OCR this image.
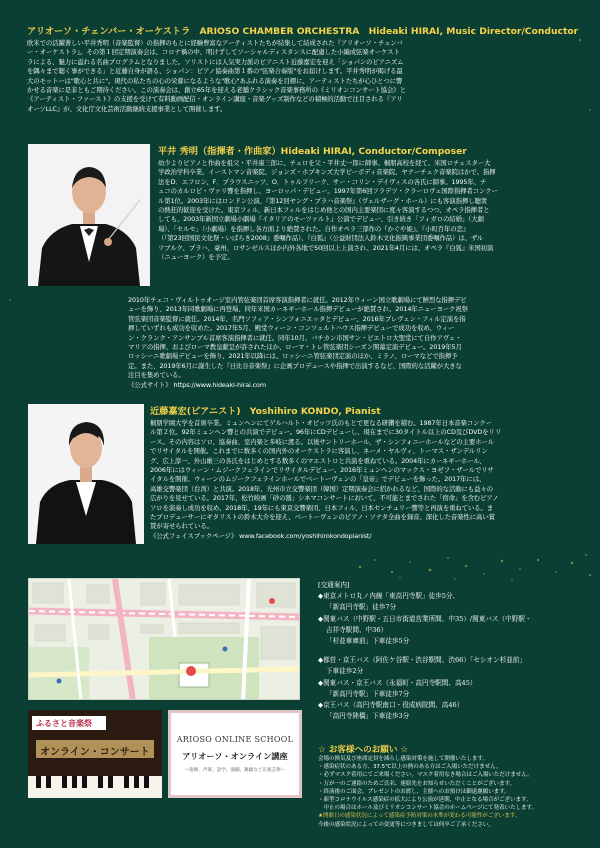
アリオーソ・チェンバー・オーケストラ　ARIOSO CHAMBER ORCHESTRA　Hideaki HIRAI, Music Director/Conductor
欧米での活躍著しい平井秀明（音楽監督）の指揮のもとに経験豊富なアーティストたちが結集して結成された『アリオーソ・チェンバ
ー・オーケストラ』。その第１回定期演奏会は、コロナ禍の中、明けずしてソーシャルディスタンスに配慮した小編成弦楽オーケスト
ラによる、魅力に溢れる名曲プログラムとなりました。ソリストには人気実力派のピアニスト近藤嘉宏を迎え「ショパンのピアニズム
を隅々まで聴く事ができる」と近藤自身が語る、ショパン：ピアノ協奏曲第１番の"弦楽合奏版"をお届けします。平井秀明が掲げる最
大のモットーは"歌心と共に"。現代の私たちの心の栄養になるような"歌心"あふれる演奏を目標に、アーティストたちが心ひとつに響
かせる音楽に是非ともご期待ください。この演奏会は、創立65年を迎える老舗クラシック音楽事務所の《ミリオンコンサート協会》と
《アーティスト・ファースト》の支援を受けて有料動画配信・オンライン講座・音楽グッズ制作などの積極的活動で注目される『アリ
オーソLLC』が、文化庁文化芸術活動継続支援事業として開催します。
平井 秀明（指揮者・作曲家）Hideaki HIRAI, Conductor/Composer
幼少よりピアノと作曲を祖父・平井康三郎に、チェロを父・平井丈一郎に師事。桐朋高校を経て、米国ロチェスター大
学政治学科卒業。イーストマン音楽院、ジョンズ・ホプキンズ大学ピーボディ音楽院、ヤナーチェク音楽院はかで、指揮
法をD．エフロン、F．プラウスニッツ、O．トゥルフリーク、サー・コリン・デイヴィスの各氏に師事。1995年、チ
ェコのカルロビ・ヴァリ響を指揮し、ヨーロッパ・デビュー。1997年第6回フラデツ・クラーロヴェ国際指揮者コンクー
ル第1位。2003年にはロンドン公演、『第12回ヤング・プラハ音楽祭』（ヴェルザーグ・ホール）にも客演指揮し聴衆
の熱狂的歓迎を受けた。東京フィル、新日本フィルをはじめ他との国内主要楽団に度々客演するつつ、オペラ指揮者と
しても、2003年新国立劇場小劇場『イタリアのモーツァルト』公演でデビュー、引き続き「フィガロの結婚」（大劇
場）、「セルセ」（小劇場）を指揮し各方面より絶賛された。自作オペラ三部作の『かぐや姫』、『小町百年の恋』
（『第23回国民文化祭・いばらき2008』委嘱作品）、『白狐』（公益財団法人鈴木文化振興事業団委嘱作品）は、ザル
ツブルク、プラハ、豪州、ロサンゼルスほか内外各地で50回以上上演され、2021年4月には、オペラ『白狐』米国初演
（ニューヨーク）を予定。
2010年チェコ・ヴィルトゥオージ室内管弦楽団首席客演指揮者に就任。2012年ウィーン国立歌劇場にて鮮烈な指揮デビ
ューを飾り、2013年同歌劇場に再登場、同年米国カーネギーホール指揮デビューが絶賛され、2014年ニューヨーク祝祭
管弦楽団音楽監督に就任。2014年、名門ソフィア・シンフォニエッタとデビュー、2016年プレヴェン・フィル定演を指
揮していずれも成功を収めた。2017年5月、殿堂ウィーン・コンツェルトハウス指揮デビューで成功を収め、ウィー
ン・クランク・アンサンブル首席客演指揮者に就任。同年10月、バチカン市国サン・ピエトロ大聖堂にて自作アヴェ・
マリアの指揮、およびローマ教皇献呈が許されたほか、ローマ・トレ管弦楽団シーズン開幕定演デビュー。2019年5月
ロッシーニ歌劇場デビューを飾り、2021年以降には、ロッシーニ管弦楽団定演のほか、ミラノ、ローマなどで指揮予
定。また、2019年6月に誕生した『日比谷音楽祭』に企画プロデュースや指揮で出演するなど、国際的な活躍が大きな
注目を集めている。
《公式サイト》 https://www.hideaki-hirai.com
近藤嘉宏(ピアニスト)　Yoshihiro KONDO, Pianist
桐朋学園大学を首席卒業。ミュンヘンにてゲルハルト・オピッツ氏のもとで更なる研鑽を積む。1987年日本音楽コンクー
ル第２位。92年ミュンヘン響との共演でデビュー。96年にCDデビューし、現在までに30タイトル以上のCD及びDVDをリリ
ース。その内容はソロ、協奏曲、室内楽と多岐に渡る。以後サントリーホール、ザ・シンフォニーホールなどの主要ホール
でリサイタルを開催。これまでに数多くの国内外のオーケストラに客演し、ネーメ・ヤルヴィ、トーマス・ザンデルリン
グ、広上淳一、外山雄三の各氏をはじめとする数多くのマエストロと共演を重ねている。2004年にカーネギーホール、
2006年にはウィーン・ムジークフェラインでリサイタルデビュー。2016年ミュンヘンのマックス・ヨゼフ・ザールでリサ
イタルを開催、ウィーンのムジークフェラインホールでベートーヴェンの「皇帝」でデビューを飾った。2017年には、
高雄交響楽団（台湾）と共演。2018年、光州市立交響楽団（韓国）定期演奏会に招かれるなど、国際的な活動にも益々の
広がりを見せている。2017年、松竹映画「砂の器」シネマコンサートにおいて、不可能とまでされた「宿命」を含むピアノ
ソロを演奏し成功を収め、2018年、19年にも東京交響楽団、日本フィル、日本センチュリー響等と再演を重ねている。ま
たプロデューサーにギタリストの鈴木大介を迎え、ベートーヴェンのピアノ・ソナタ全曲を録音。深化した音楽性に高い賞
賛が寄せられている。
《公式フェイスブックページ》 www.facebook.com/yoshihirokondopianist/
[交通案内]
◆東京メトロ丸ノ内線「東高円寺駅」徒歩5分、
「新高円寺駅」徒歩7分
◆関東バス（中野駅・五日市街道営業所間、中35）/関東バス（中野駅・
吉祥寺駅間、中36）
「杉並車庫前」下車徒歩5分
◆都営・京王バス（阿佐ケ谷駅・渋谷駅間、渋66）「セシオン杉並前」
下車徒歩2分
◆関東バス・京王バス（永福町・高円寺駅間、高45）
「新高円寺駅」下車徒歩7分
◆京王バス（高円寺駅南口・役成病院間、高46）
「高円寺陸橋」下車徒歩3分
ふるさと音楽祭
オンライン・コンサート
ARIOSO ONLINE SCHOOL
アリオーソ・オンライン講座
～指揮、声楽、語学、演劇、舞踊など正統芸術～
☆ お客様へのお願い ☆
会場の換気及び座席定員を減らし感染対策を施して開催いたします。
・感染症状のある方、37.5℃以上の熱のある方はご入場いただけません。
・必ずマスク着用にてご来場ください。マスク着用なき場合はご入場いただけません。
・万が一のご連絡のためご氏名、連絡先をお知らせいただくことがございます。
・終演後のご面会、プレゼントのお渡し、主催へのお預けは御遠慮願います。
・新型コロナウイルス感染症の拡大により公演が延期、中止となる場合がございます。
　中止の場合はホール及びミリオンコンサート協会のホームページにて発表いたします。
★開催日の感染状況によって感染症予防対策の水準が変わる可能性がございます。
今後の感染状況によっての変更等につきましては何卒ご了承ください。
